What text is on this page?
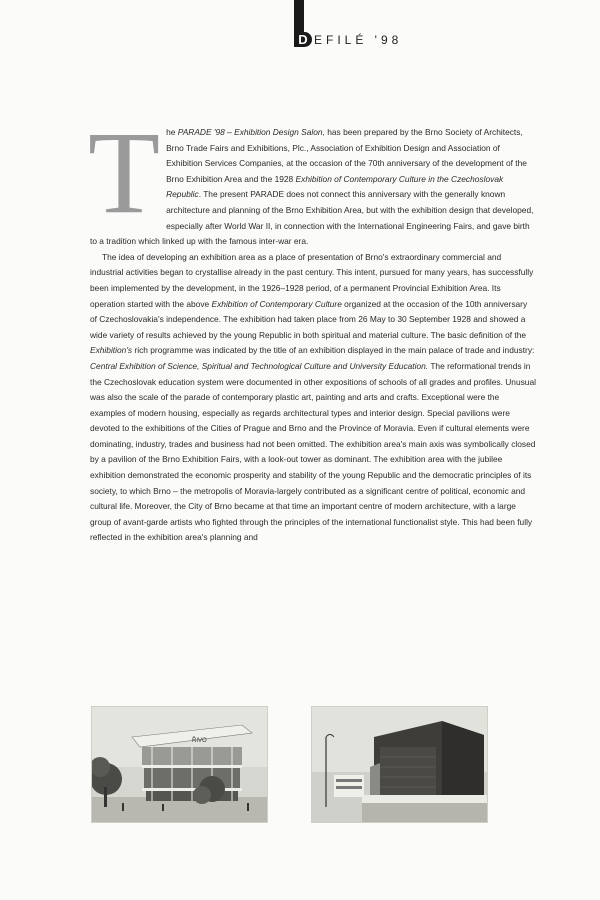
D EFILÉ '98
T he PARADE '98 – Exhibition Design Salon, has been prepared by the Brno Society of Architects, Brno Trade Fairs and Exhibitions, Plc., Association of Exhibition Design and Association of Exhibition Services Companies, at the occasion of the 70th anniversary of the development of the Brno Exhibition Area and the 1928 Exhibition of Contemporary Culture in the Czechoslovak Republic. The present PARADE does not connect this anniversary with the generally known architecture and planning of the Brno Exhibition Area, but with the exhibition design that developed, especially after World War II, in connection with the International Engineering Fairs, and gave birth to a tradition which linked up with the famous inter-war era.

The idea of developing an exhibition area as a place of presentation of Brno's extraordinary commercial and industrial activities began to crystallise already in the past century. This intent, pursued for many years, has successfully been implemented by the development, in the 1926–1928 period, of a permanent Provincial Exhibition Area. Its operation started with the above Exhibition of Contemporary Culture organized at the occasion of the 10th anniversary of Czechoslovakia's independence. The exhibition had taken place from 26 May to 30 September 1928 and showed a wide variety of results achieved by the young Republic in both spiritual and material culture. The basic definition of the Exhibition's rich programme was indicated by the title of an exhibition displayed in the main palace of trade and industry: Central Exhibition of Science, Spiritual and Technological Culture and University Education. The reformational trends in the Czechoslovak education system were documented in other expositions of schools of all grades and profiles. Unusual was also the scale of the parade of contemporary plastic art, painting and arts and crafts. Exceptional were the examples of modern housing, especially as regards architectural types and interior design. Special pavilions were devoted to the exhibitions of the Cities of Prague and Brno and the Province of Moravia. Even if cultural elements were dominating, industry, trades and business had not been omitted. The exhibition area's main axis was symbolically closed by a pavilion of the Brno Exhibition Fairs, with a look-out tower as dominant. The exhibition area with the jubilee exhibition demonstrated the economic prosperity and stability of the young Republic and the democratic principles of its society, to which Brno – the metropolis of Moravia-largely contributed as a significant centre of political, economic and cultural life. Moreover, the City of Brno became at that time an important centre of modern architecture, with a large group of avant-garde artists who fighted through the principles of the international functionalist style. This had been fully reflected in the exhibition area's planning and

ŘIVO
